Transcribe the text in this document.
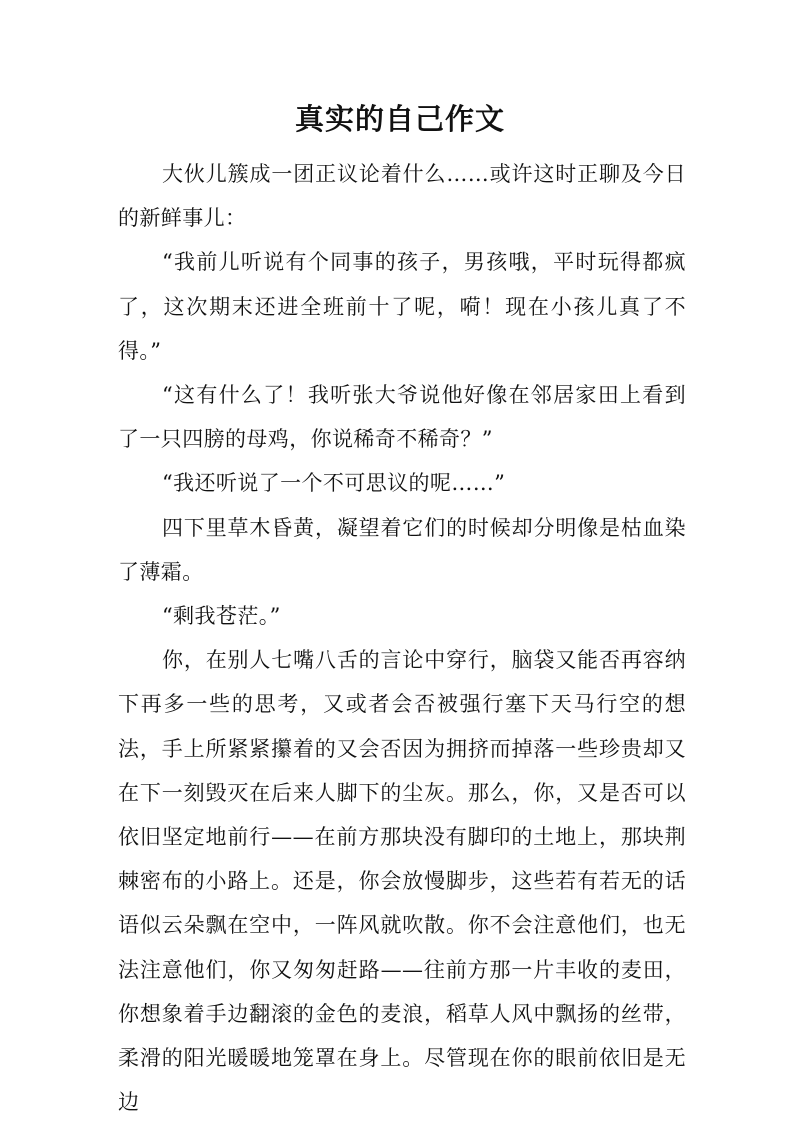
真实的自己作文

大伙儿簇成一团正议论着什么……或许这时正聊及今日的新鲜事儿：

“我前儿听说有个同事的孩子，男孩哦，平时玩得都疯了，这次期末还进全班前十了呢，嗬！现在小孩儿真了不得。”

“这有什么了！我听张大爷说他好像在邻居家田上看到了一只四膀的母鸡，你说稀奇不稀奇？”

“我还听说了一个不可思议的呢……”

四下里草木昏黄，凝望着它们的时候却分明像是枯血染了薄霜。

“剩我苍茫。”

你，在别人七嘴八舌的言论中穿行，脑袋又能否再容纳下再多一些的思考，又或者会否被强行塞下天马行空的想法，手上所紧紧攥着的又会否因为拥挤而掉落一些珍贵却又在下一刻毁灭在后来人脚下的尘灰。那么，你，又是否可以依旧坚定地前行——在前方那块没有脚印的土地上，那块荆棘密布的小路上。还是，你会放慢脚步，这些若有若无的话语似云朵飘在空中，一阵风就吹散。你不会注意他们，也无法注意他们，你又匆匆赶路——往前方那一片丰收的麦田，你想象着手边翻滚的金色的麦浪，稻草人风中飘扬的丝带，柔滑的阳光暖暖地笼罩在身上。尽管现在你的眼前依旧是无边
